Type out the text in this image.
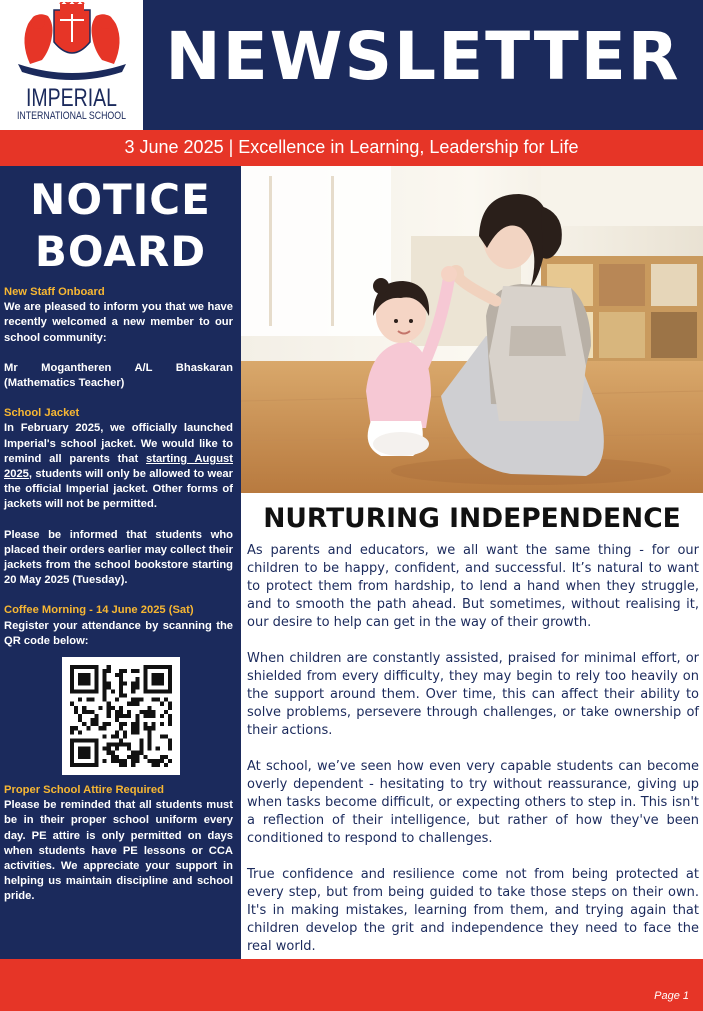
IMPERIAL
INTERNATIONAL SCHOOL
NEWSLETTER
3 June 2025 | Excellence in Learning, Leadership for Life
NOTICE
BOARD

New Staff Onboard

We are pleased to inform you that we have recently welcomed a new member to our school community:

Mr Mogantheren A/L Bhaskaran (Mathematics Teacher)

School Jacket

In February 2025, we officially launched Imperial's school jacket. We would like to remind all parents that starting August 2025, students will only be allowed to wear the official Imperial jacket. Other forms of jackets will not be permitted.

Please be informed that students who placed their orders earlier may collect their jackets from the school bookstore starting 20 May 2025 (Tuesday).

Coffee Morning - 14 June 2025 (Sat)

Register your attendance by scanning the QR code below:

Proper School Attire Required

Please be reminded that all students must be in their proper school uniform every day. PE attire is only permitted on days when students have PE lessons or CCA activities. We appreciate your support in helping us maintain discipline and school pride.

NURTURING INDEPENDENCE

As parents and educators, we all want the same thing - for our children to be happy, confident, and successful. It’s natural to want to protect them from hardship, to lend a hand when they struggle, and to smooth the path ahead. But sometimes, without realising it, our desire to help can get in the way of their growth.

When children are constantly assisted, praised for minimal effort, or shielded from every difficulty, they may begin to rely too heavily on the support around them. Over time, this can affect their ability to solve problems, persevere through challenges, or take ownership of their actions.

At school, we’ve seen how even very capable students can become overly dependent - hesitating to try without reassurance, giving up when tasks become difficult, or expecting others to step in. This isn't a reflection of their intelligence, but rather of how they've been conditioned to respond to challenges.

True confidence and resilience come not from being protected at every step, but from being guided to take those steps on their own. It's in making mistakes, learning from them, and trying again that children develop the grit and independence they need to face the real world.

Page 1
